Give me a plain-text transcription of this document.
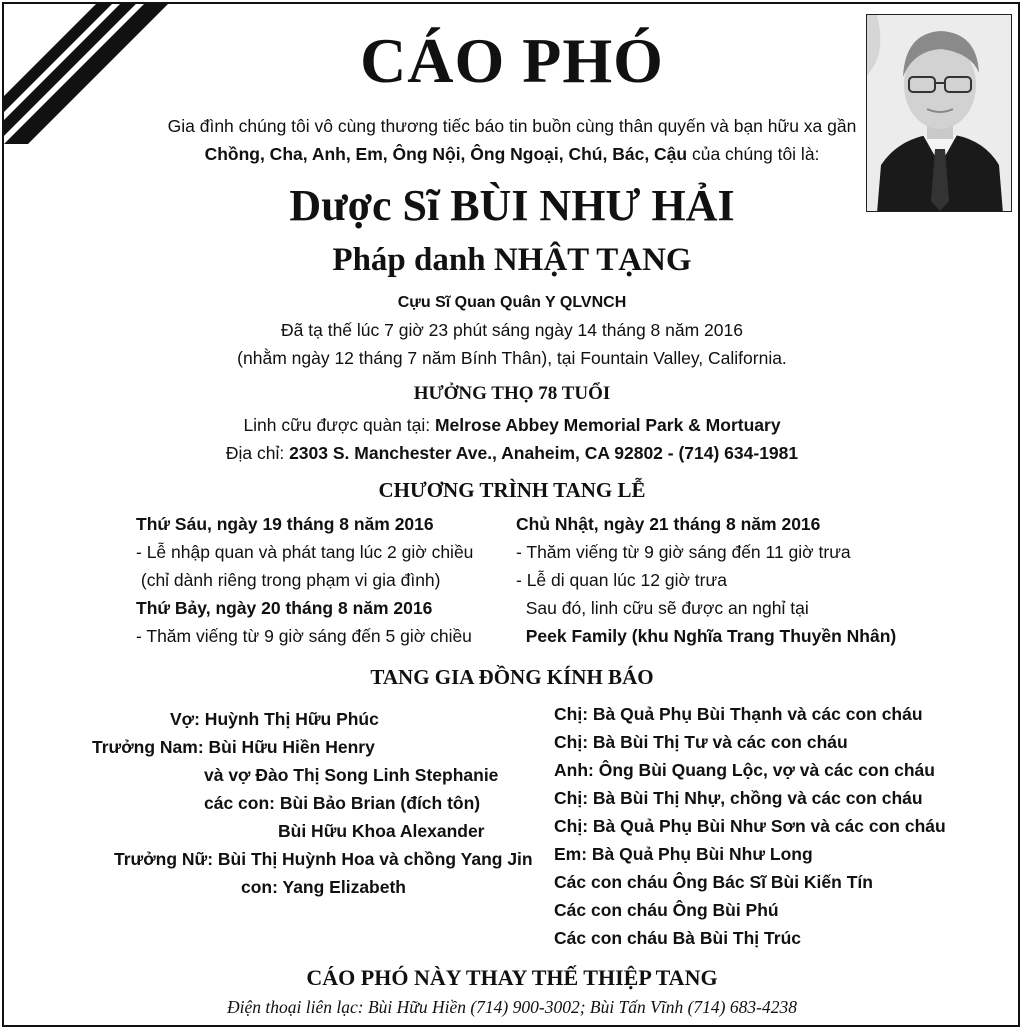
CÁO PHÓ
Gia đình chúng tôi vô cùng thương tiếc báo tin buồn cùng thân quyến và bạn hữu xa gần
Chồng, Cha, Anh, Em, Ông Nội, Ông Ngoại, Chú, Bác, Cậu của chúng tôi là:
Dược Sĩ BÙI NHƯ HẢI
Pháp danh NHẬT TẠNG
Cựu Sĩ Quan Quân Y QLVNCH
Đã tạ thế lúc 7 giờ 23 phút sáng ngày 14 tháng 8 năm 2016
(nhằm ngày 12 tháng 7 năm Bính Thân), tại Fountain Valley, California.
HƯỞNG THỌ 78 TUỔI
Linh cữu được quàn tại: Melrose Abbey Memorial Park & Mortuary
Địa chỉ: 2303 S. Manchester Ave., Anaheim, CA 92802 - (714) 634-1981
CHƯƠNG TRÌNH TANG LỄ
Thứ Sáu, ngày 19 tháng 8 năm 2016
- Lễ nhập quan và phát tang lúc 2 giờ chiều
(chỉ dành riêng trong phạm vi gia đình)
Thứ Bảy, ngày 20 tháng 8 năm 2016
- Thăm viếng từ 9 giờ sáng đến 5 giờ chiều
Chủ Nhật, ngày 21 tháng 8 năm 2016
- Thăm viếng từ 9 giờ sáng đến 11 giờ trưa
- Lễ di quan lúc 12 giờ trưa
Sau đó, linh cữu sẽ được an nghỉ tại
Peek Family (khu Nghĩa Trang Thuyền Nhân)
TANG GIA ĐỒNG KÍNH BÁO
Vợ: Huỳnh Thị Hữu Phúc
Trưởng Nam: Bùi Hữu Hiền Henry
và vợ Đào Thị Song Linh Stephanie
các con: Bùi Bảo Brian (đích tôn)
Bùi Hữu Khoa Alexander
Trưởng Nữ: Bùi Thị Huỳnh Hoa và chồng Yang Jin
con: Yang Elizabeth
Chị: Bà Quả Phụ Bùi Thạnh và các con cháu
Chị: Bà Bùi Thị Tư và các con cháu
Anh: Ông Bùi Quang Lộc, vợ và các con cháu
Chị: Bà Bùi Thị Nhự, chồng và các con cháu
Chị: Bà Quả Phụ Bùi Như Sơn và các con cháu
Em: Bà Quả Phụ Bùi Như Long
Các con cháu Ông Bác Sĩ Bùi Kiến Tín
Các con cháu Ông Bùi Phú
Các con cháu Bà Bùi Thị Trúc
CÁO PHÓ NÀY THAY THẾ THIỆP TANG
Điện thoại liên lạc: Bùi Hữu Hiền (714) 900-3002; Bùi Tấn Vĩnh (714) 683-4238
